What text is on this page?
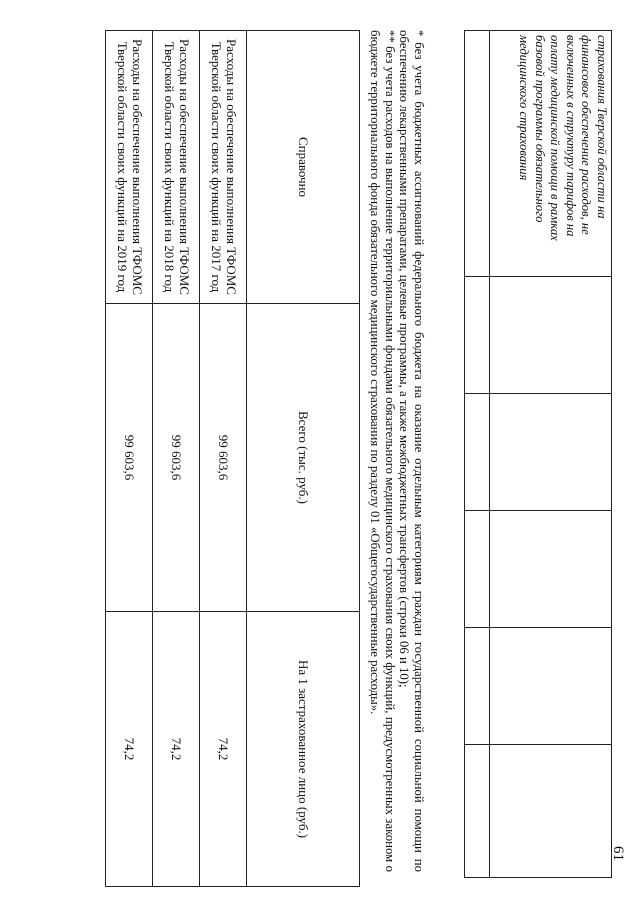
61
страхования Тверской области на финансовое обеспечение расходов, не включенных в структуру тарифов на оплату медицинской помощи в рамках базовой программы обязательного медицинского страхования					

* без учета бюджетных ассигнований федерального бюджета на оказание отдельным категориям граждан государственной социальной помощи по обеспечению лекарственными препаратами, целевые программы, а также межбюджетных трансфертов (строки 06 и 10);

** без учета расходов на выполнение территориальными фондами обязательного медицинского страхования своих функций, предусмотренных законом о бюджете территориального фонда обязательного медицинского страхования по разделу 01 «Общегосударственные расходы».

Справочно	Всего (тыс. руб.)	На 1 застрахованное лицо (руб.)
Расходы на обеспечение выполнения ТФОМС Тверской области своих функций на 2017 год	99 603,6	74,2
Расходы на обеспечение выполнения ТФОМС Тверской области своих функций на 2018 год	99 603,6	74,2
Расходы на обеспечение выполнения ТФОМС Тверской области своих функций на 2019 год	99 603,6	74,2
